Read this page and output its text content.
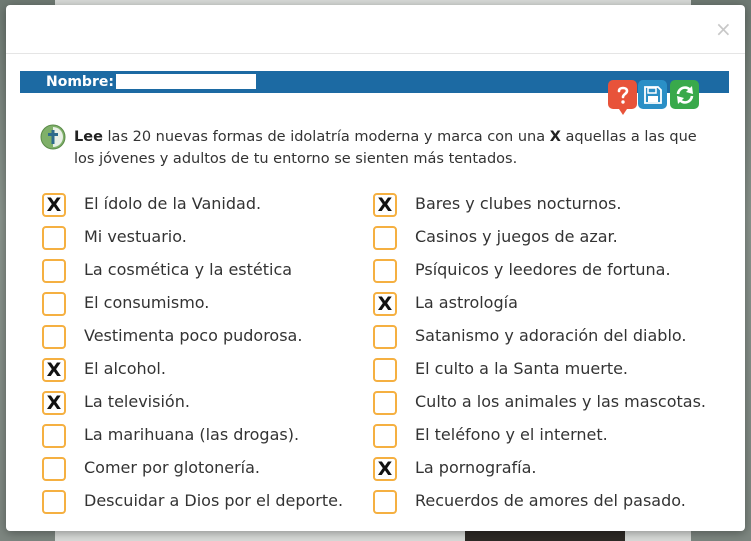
×
Nombre:
Lee las 20 nuevas formas de idolatría moderna y marca con una X aquellas a las que los jóvenes y adultos de tu entorno se sienten más tentados.
X El ídolo de la Vanidad.
Mi vestuario.
La cosmética y la estética
El consumismo.
Vestimenta poco pudorosa.
X El alcohol.
X La televisión.
La marihuana (las drogas).
Comer por glotonería.
Descuidar a Dios por el deporte.
X Bares y clubes nocturnos.
Casinos y juegos de azar.
Psíquicos y leedores de fortuna.
X La astrología
Satanismo y adoración del diablo.
El culto a la Santa muerte.
Culto a los animales y las mascotas.
El teléfono y el internet.
X La pornografía.
Recuerdos de amores del pasado.
